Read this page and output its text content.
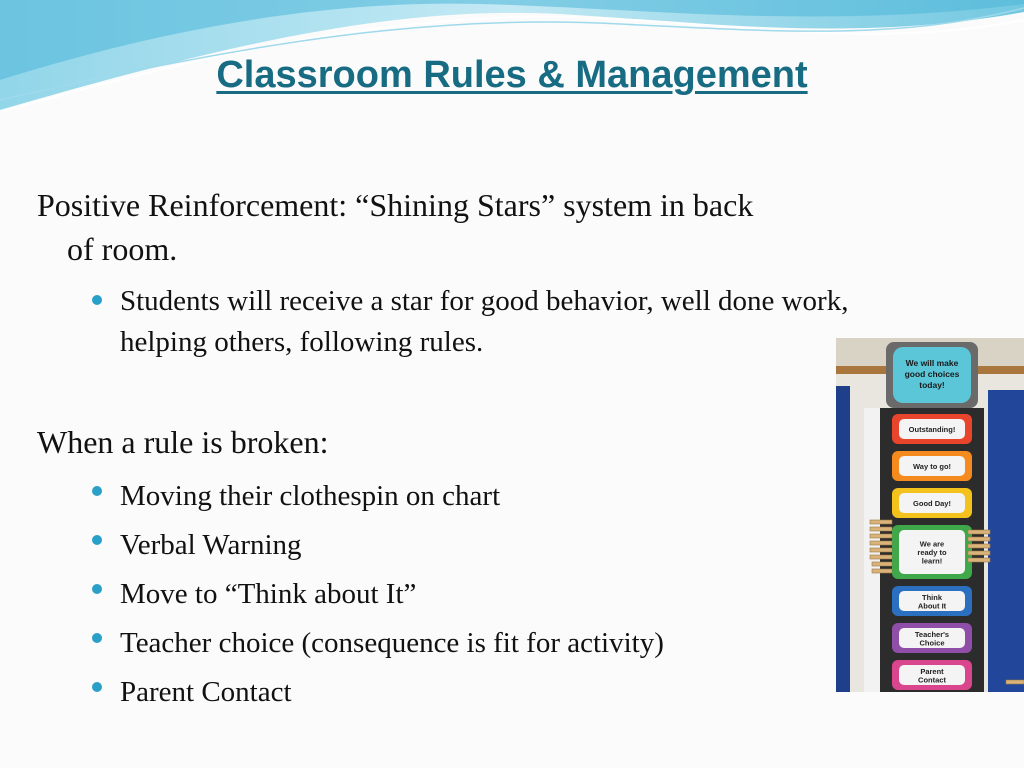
Classroom Rules & Management
Positive Reinforcement: “Shining Stars” system in back
of room.
Students will receive a star for good behavior, well done work, helping others, following rules.
When a rule is broken:
Moving their clothespin on chart
Verbal Warning
Move to “Think about It”
Teacher choice (consequence is fit for activity)
Parent Contact
We will make good choices today!
Outstanding!
Way to go!
Good Day!
We are
ready to
learn!
Think
About It
Teacher's
Choice
Parent
Contact
